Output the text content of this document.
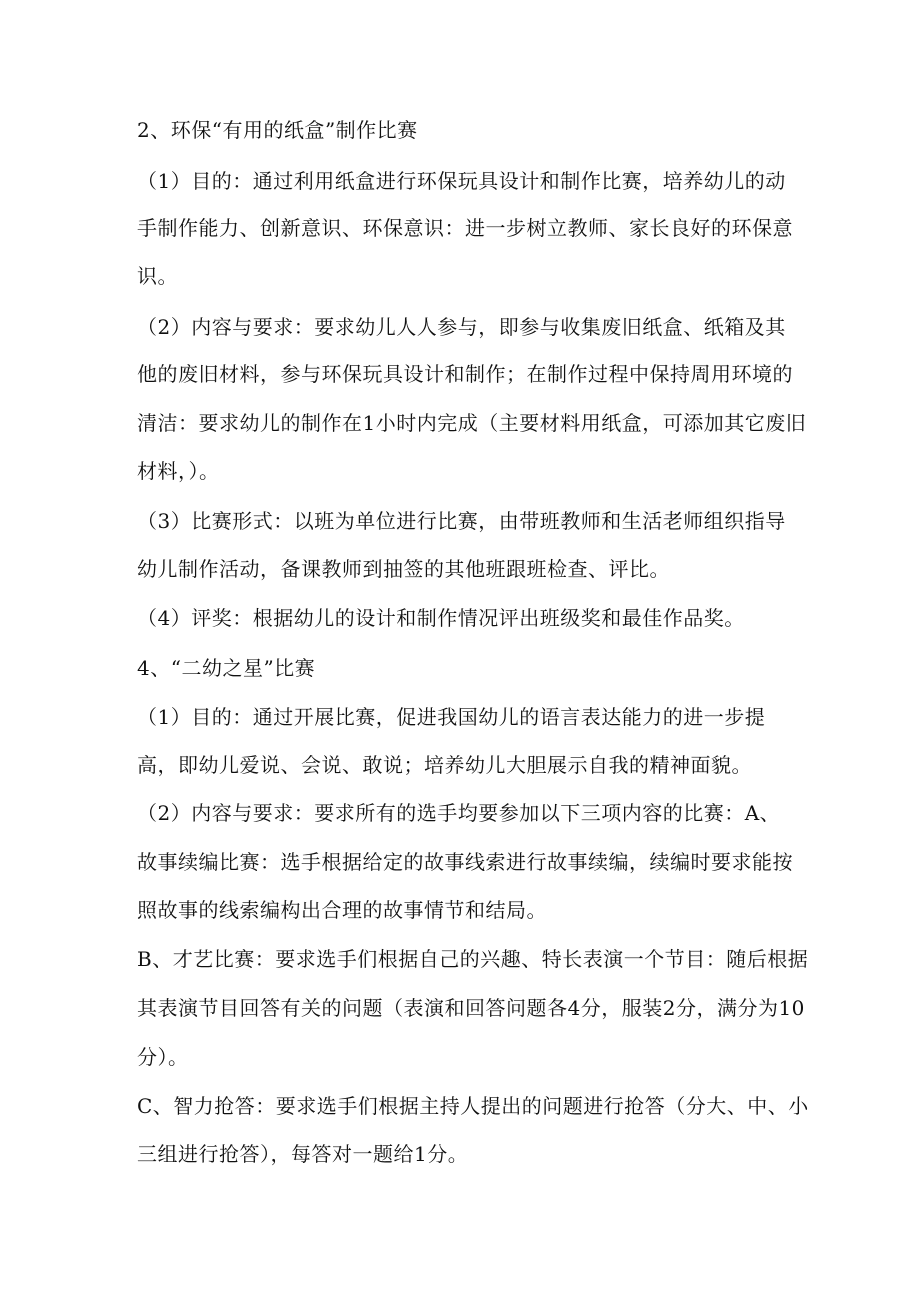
2、环保“有用的纸盒”制作比赛
（1）目的：通过利用纸盒进行环保玩具设计和制作比赛，培养幼儿的动
手制作能力、创新意识、环保意识：进一步树立教师、家长良好的环保意
识。
（2）内容与要求：要求幼儿人人参与，即参与收集废旧纸盒、纸箱及其
他的废旧材料，参与环保玩具设计和制作；在制作过程中保持周用环境的
清洁：要求幼儿的制作在1小时内完成（主要材料用纸盒，可添加其它废旧
材料，）。
（3）比赛形式：以班为单位进行比赛，由带班教师和生活老师组织指导
幼儿制作活动，备课教师到抽签的其他班跟班检查、评比。
（4）评奖：根据幼儿的设计和制作情况评出班级奖和最佳作品奖。
4、“二幼之星”比赛
（1）目的：通过开展比赛，促进我国幼儿的语言表达能力的进一步提
高，即幼儿爱说、会说、敢说；培养幼儿大胆展示自我的精神面貌。
（2）内容与要求：要求所有的选手均要参加以下三项内容的比赛：A、
故事续编比赛：选手根据给定的故事线索进行故事续编，续编时要求能按
照故事的线索编构出合理的故事情节和结局。
B、才艺比赛：要求选手们根据自己的兴趣、特长表演一个节目：随后根据
其表演节目回答有关的问题（表演和回答问题各4分，服装2分，满分为10
分）。
C、智力抢答：要求选手们根据主持人提出的问题进行抢答（分大、中、小
三组进行抢答），每答对一题给1分。
